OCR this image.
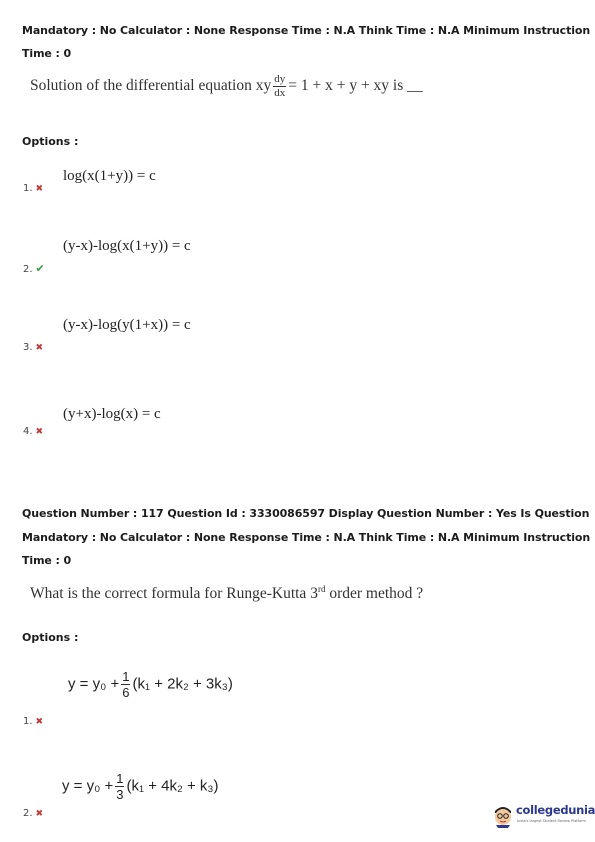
Mandatory : No Calculator : None Response Time : N.A Think Time : N.A Minimum Instruction
Time : 0
Solution of the differential equation xy $\frac{dy}{dx} = 1 + x + y$ + xy is __
Options :
log(x(1+y)) = c
1. ✖
(y-x)-log(x(1+y)) = c
2. ✔
(y-x)-log(y(1+x)) = c
3. ✖
(y+x)-log(x) = c
4. ✖
Question Number : 117 Question Id : 3330086597 Display Question Number : Yes Is Question
Mandatory : No Calculator : None Response Time : N.A Think Time : N.A Minimum Instruction
Time : 0
What is the correct formula for Runge-Kutta 3rd order method ?
Options :
$y = y_0 + \frac{1}{6} (k_1 + 2k_2 + 3k_3)$
1. ✖
$y = y_0 + \frac{1}{3} (k_1 + 4k_2 + k_3)$
2. ✖	collegedunia
India's largest Student Review Platform
